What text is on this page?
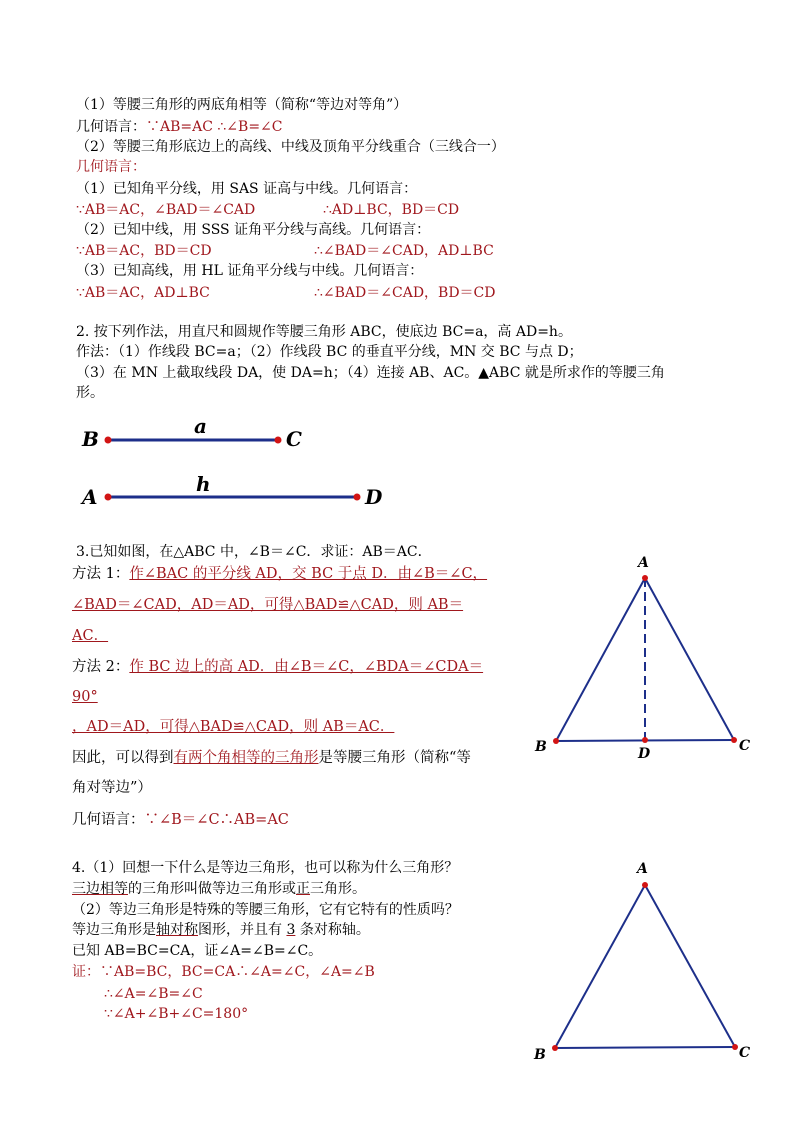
（1）等腰三角形的两底角相等（简称“等边对等角”）
几何语言：∵AB=AC ∴∠B=∠C
（2）等腰三角形底边上的高线、中线及顶角平分线重合（三线合一）
几何语言：
（1）已知角平分线，用 SAS 证高与中线。几何语言：
∵AB＝AC，∠BAD＝∠CAD	∴AD⊥BC，BD＝CD
（2）已知中线，用 SSS 证角平分线与高线。几何语言：
∵AB＝AC，BD＝CD	∴∠BAD＝∠CAD，AD⊥BC
（3）已知高线，用 HL 证角平分线与中线。几何语言：
∵AB＝AC，AD⊥BC	∴∠BAD＝∠CAD，BD＝CD
2. 按下列作法，用直尺和圆规作等腰三角形 ABC，使底边 BC=a，高 AD=h。
作法：（1）作线段 BC=a；（2）作线段 BC 的垂直平分线，MN 交 BC 与点 D；
（3）在 MN 上截取线段 DA，使 DA=h；（4）连接 AB、AC。▲ABC 就是所求作的等腰三角
形。
B
a
C
A
h
D
3.已知如图，在△ABC 中，∠B＝∠C．求证：AB＝AC．
方法 1：作∠BAC 的平分线 AD，交 BC 于点 D．由∠B＝∠C，
∠BAD＝∠CAD，AD＝AD，可得△BAD≌△CAD，则 AB＝
AC．
方法 2：作 BC 边上的高 AD．由∠B＝∠C，∠BDA＝∠CDA＝
90°
，AD＝AD，可得△BAD≌△CAD，则 AB＝AC．
因此，可以得到有两个角相等的三角形是等腰三角形（简称“等
角对等边”）
几何语言：∵∠B＝∠C∴AB=AC
A
B	C
D
4.（1）回想一下什么是等边三角形，也可以称为什么三角形？
三边相等的三角形叫做等边三角形或正三角形。
（2）等边三角形是特殊的等腰三角形，它有它特有的性质吗？
等边三角形是轴对称图形，并且有 3 条对称轴。
已知 AB=BC=CA，证∠A=∠B=∠C。
证：∵AB=BC，BC=CA∴∠A=∠C，∠A=∠B
∴∠A=∠B=∠C
∵∠A+∠B+∠C=180°
A
B	C
